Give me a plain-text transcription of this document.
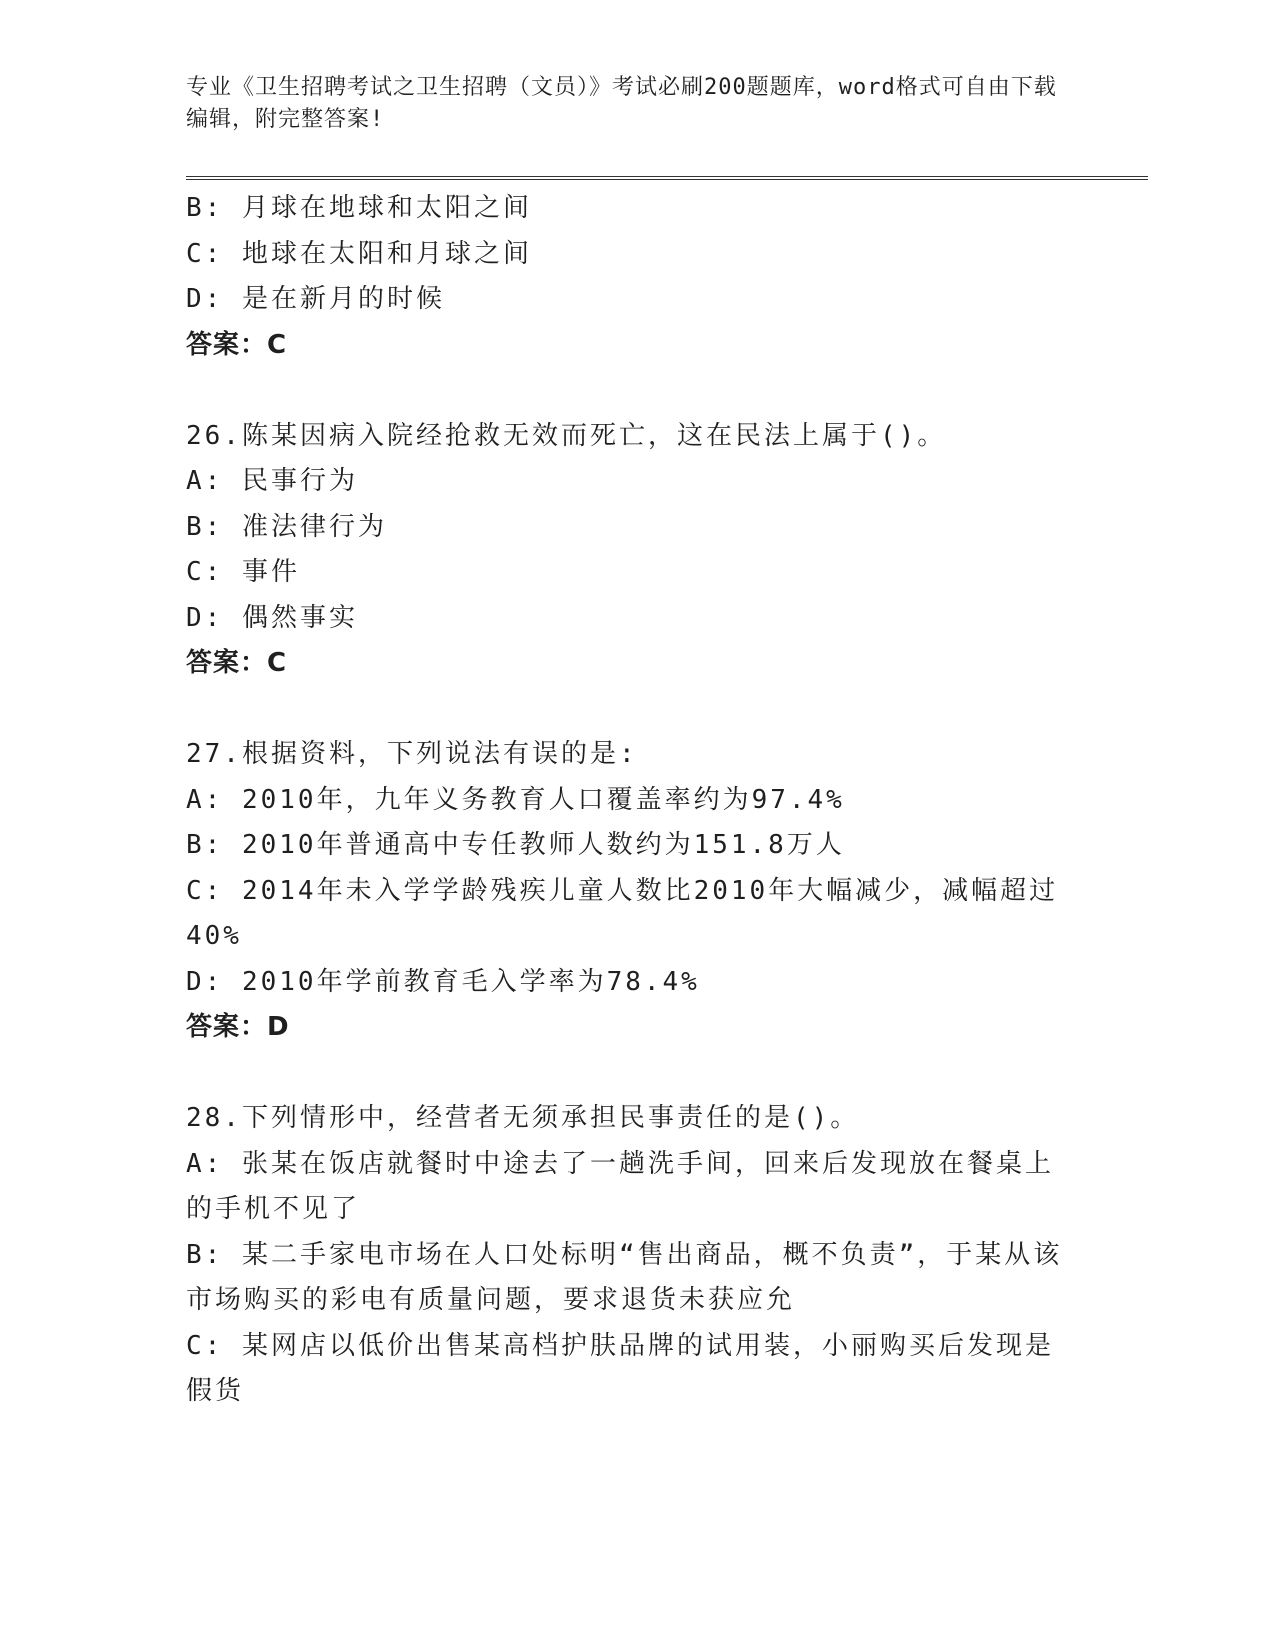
专业《卫生招聘考试之卫生招聘（文员）》考试必刷200题题库，word格式可自由下载编辑，附完整答案!
B: 月球在地球和太阳之间
C: 地球在太阳和月球之间
D: 是在新月的时候
答案：C
26.陈某因病入院经抢救无效而死亡，这在民法上属于()。
A: 民事行为
B: 准法律行为
C: 事件
D: 偶然事实
答案：C
27.根据资料，下列说法有误的是:
A: 2010年，九年义务教育人口覆盖率约为97.4%
B: 2010年普通高中专任教师人数约为151.8万人
C: 2014年未入学学龄残疾儿童人数比2010年大幅减少，减幅超过40%
D: 2010年学前教育毛入学率为78.4%
答案：D
28.下列情形中，经营者无须承担民事责任的是()。
A: 张某在饭店就餐时中途去了一趟洗手间，回来后发现放在餐桌上的手机不见了
B: 某二手家电市场在人口处标明“售出商品，概不负责”，于某从该市场购买的彩电有质量问题，要求退货未获应允
C: 某网店以低价出售某高档护肤品牌的试用装，小丽购买后发现是假货
